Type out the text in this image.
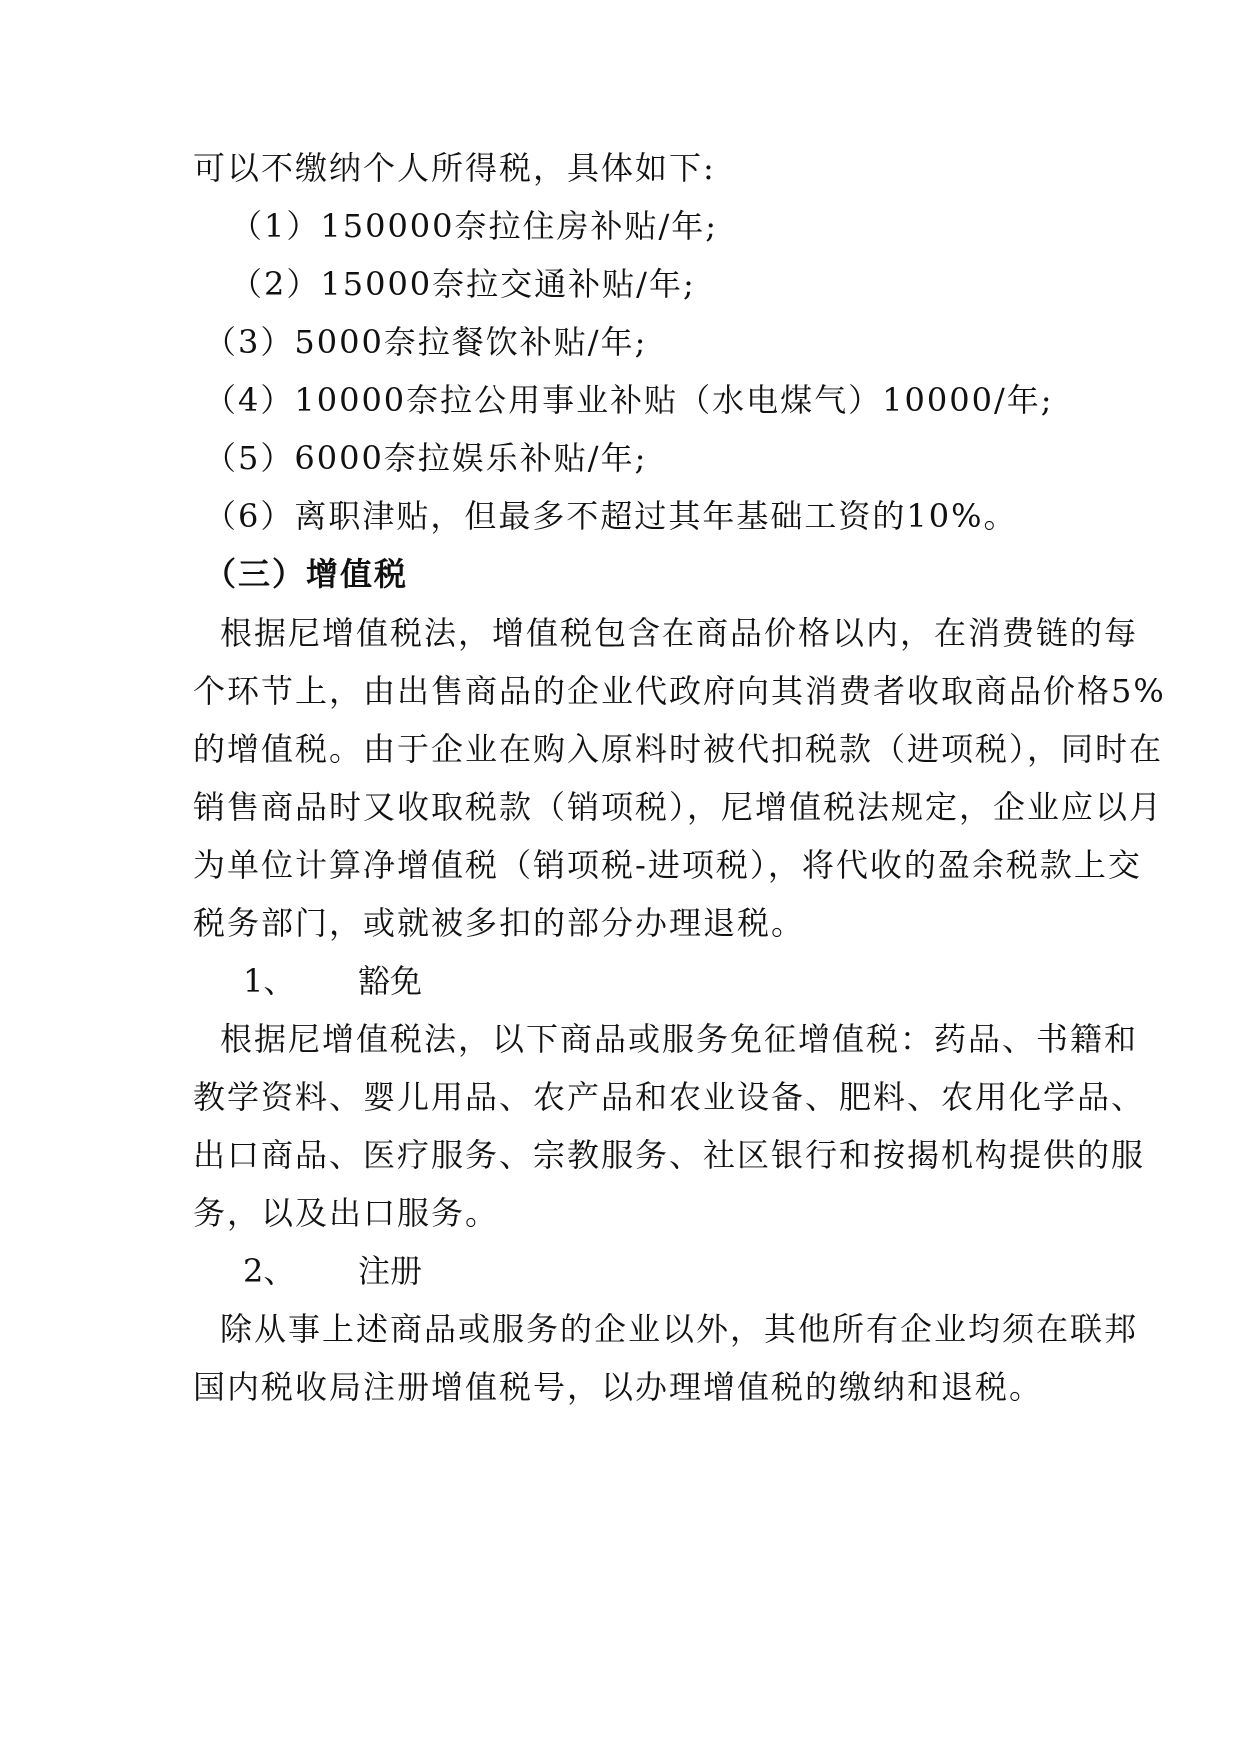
可以不缴纳个人所得税，具体如下:
（1）150000奈拉住房补贴/年;
（2）15000奈拉交通补贴/年;
（3）5000奈拉餐饮补贴/年;
（4）10000奈拉公用事业补贴（水电煤气）10000/年;
（5）6000奈拉娱乐补贴/年;
（6）离职津贴，但最多不超过其年基础工资的10%。
（三）增值税
根据尼增值税法，增值税包含在商品价格以内，在消费链的每
个环节上，由出售商品的企业代政府向其消费者收取商品价格5%
的增值税。由于企业在购入原料时被代扣税款（进项税），同时在
销售商品时又收取税款（销项税），尼增值税法规定，企业应以月
为单位计算净增值税（销项税-进项税），将代收的盈余税款上交
税务部门，或就被多扣的部分办理退税。
1、 豁免
根据尼增值税法，以下商品或服务免征增值税：药品、书籍和
教学资料、婴儿用品、农产品和农业设备、肥料、农用化学品、
出口商品、医疗服务、宗教服务、社区银行和按揭机构提供的服
务，以及出口服务。
2、 注册
除从事上述商品或服务的企业以外，其他所有企业均须在联邦
国内税收局注册增值税号，以办理增值税的缴纳和退税。
